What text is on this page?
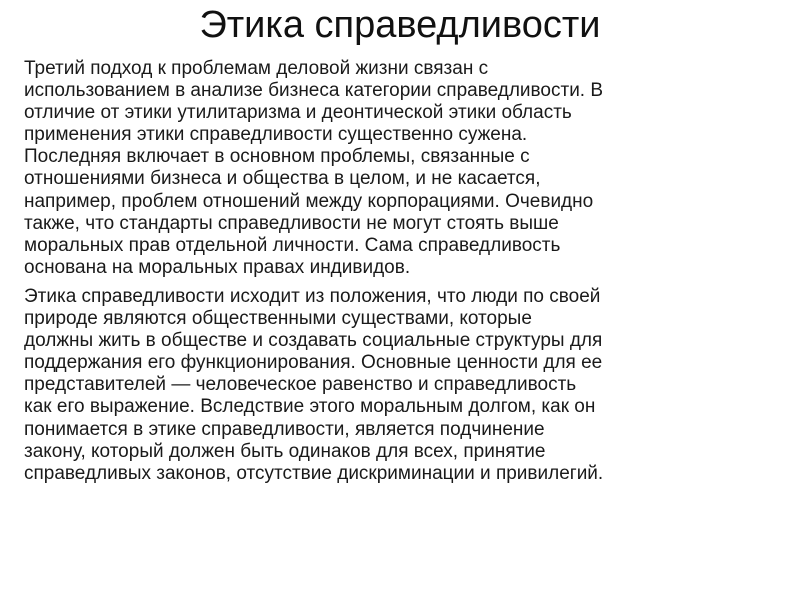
Этика справедливости

Третий подход к проблемам деловой жизни связан с
использованием в анализе бизнеса категории справедливости. В
отличие от этики утилитаризма и деонтической этики область
применения этики справедливости существенно сужена.
Последняя включает в основном проблемы, связанные с
отношениями бизнеса и общества в целом, и не касается,
например, проблем отношений между корпорациями. Очевидно
также, что стандарты справедливости не могут стоять выше
моральных прав отдельной личности. Сама справедливость
основана на моральных правах индивидов.

Этика справедливости исходит из положения, что люди по своей
природе являются общественными существами, которые
должны жить в обществе и создавать социальные структуры для
поддержания его функционирования. Основные ценности для ее
представителей — человеческое равенство и справедливость
как его выражение. Вследствие этого моральным долгом, как он
понимается в этике справедливости, является подчинение
закону, который должен быть одинаков для всех, принятие
справедливых законов, отсутствие дискриминации и привилегий.
